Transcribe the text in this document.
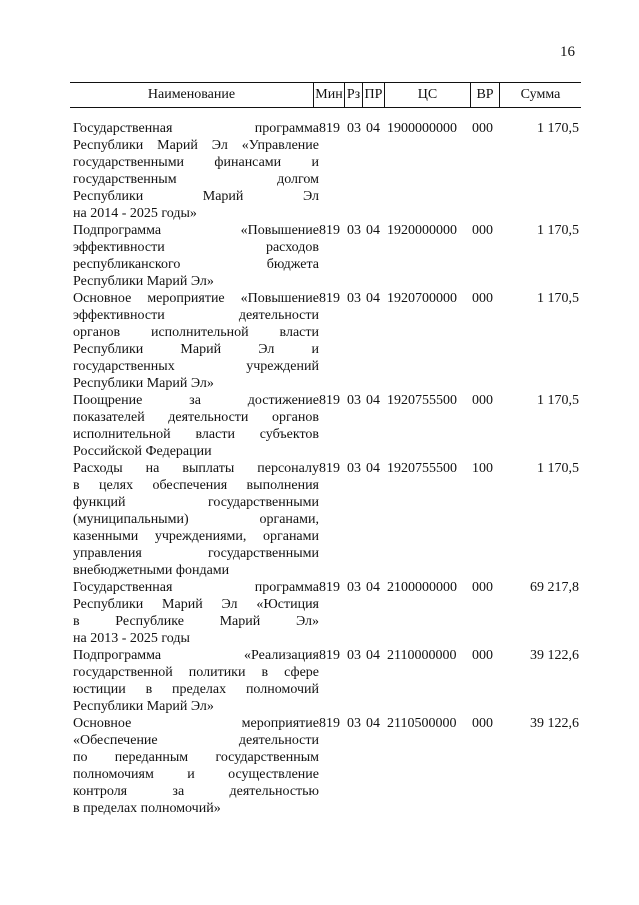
16
Наименование	Мин Рз ПР	ЦС	ВР	Сумма
Государственная программа
Республики Марий Эл «Управление
государственными финансами и
государственным долгом
Республики Марий Эл
на 2014 - 2025 годы»
819 03 04 1900000000 000	1 170,5
Подпрограмма «Повышение
эффективности расходов
республиканского бюджета
Республики Марий Эл»
819 03 04 1920000000 000	1 170,5
Основное мероприятие «Повышение
эффективности деятельности
органов исполнительной власти
Республики Марий Эл и
государственных учреждений
Республики Марий Эл»
819 03 04 1920700000 000	1 170,5
Поощрение за достижение
показателей деятельности органов
исполнительной власти субъектов
Российской Федерации
819 03 04 1920755500 000	1 170,5
Расходы на выплаты персоналу
в целях обеспечения выполнения
функций государственными
(муниципальными) органами,
казенными учреждениями, органами
управления государственными
внебюджетными фондами
819 03 04 1920755500 100	1 170,5
Государственная программа
Республики Марий Эл «Юстиция
в Республике Марий Эл»
на 2013 - 2025 годы
819 03 04 2100000000 000	69 217,8
Подпрограмма «Реализация
государственной политики в сфере
юстиции в пределах полномочий
Республики Марий Эл»
819 03 04 2110000000 000	39 122,6
Основное мероприятие
«Обеспечение деятельности
по переданным государственным
полномочиям и осуществление
контроля за деятельностью
в пределах полномочий»
819 03 04 2110500000 000	39 122,6
